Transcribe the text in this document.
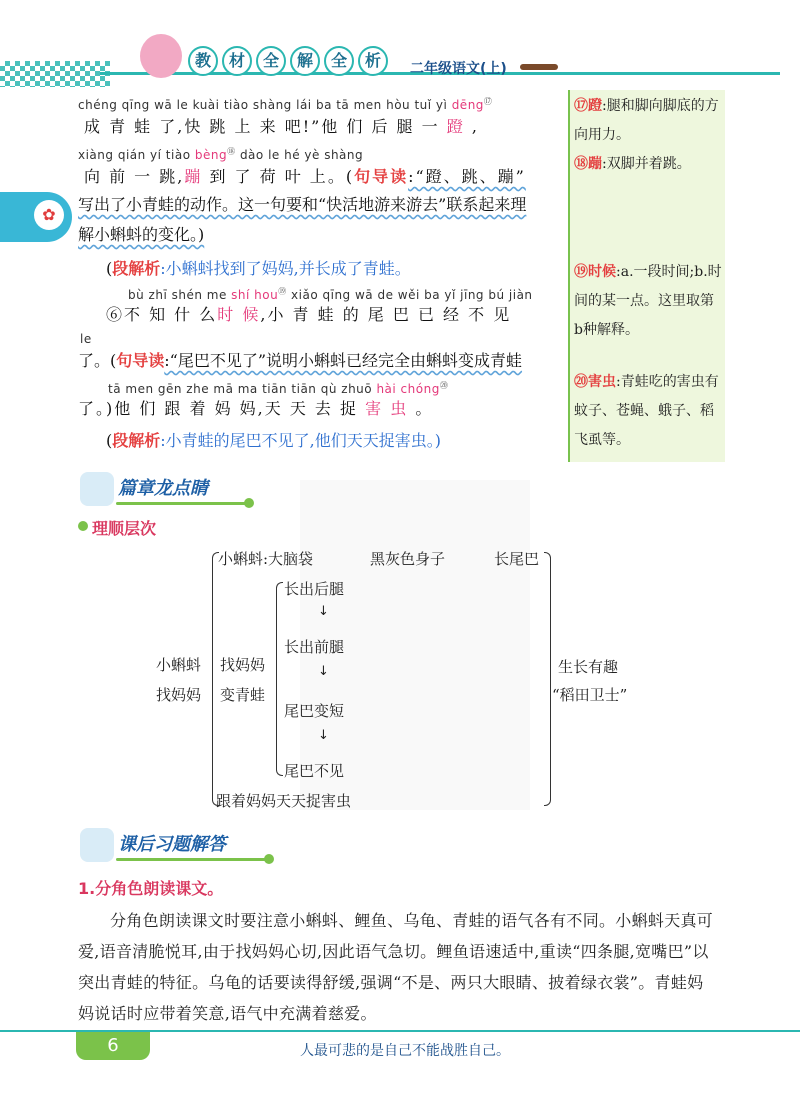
教	材	全	解	全	析	二年级语文(上)
✿
⑰蹬:腿和脚向脚底的方向用力。
⑱蹦:双脚并着跳。
⑲时候:a.一段时间;b.时间的某一点。这里取第b种解释。
⑳害虫:青蛙吃的害虫有蚊子、苍蝇、蛾子、稻飞虱等。
chéng qīng wā le kuài tiào shàng lái ba tā men hòu tuǐ yì dēng⑰
成 青 蛙 了,快 跳 上 来 吧!”他 们 后 腿 一 蹬 ,
xiàng qián yí tiào bèng⑱ dào le hé yè shàng
向 前 一 跳,蹦 到 了 荷 叶 上。(句导读:“蹬、跳、蹦”
写出了小青蛙的动作。这一句要和“快活地游来游去”联系起来理
解小蝌蚪的变化。)
(段解析:小蝌蚪找到了妈妈,并长成了青蛙。
bù zhī shén me shí hou⑲ xiǎo qīng wā de wěi ba yǐ jīng bú jiàn
⑥不 知 什 么时 候,小 青 蛙 的 尾 巴 已 经 不 见
le
了。(句导读:“尾巴不见了”说明小蝌蚪已经完全由蝌蚪变成青蛙
tā men gēn zhe mā ma tiān tiān qù zhuō hài chóng⑳
了。)他 们 跟 着 妈 妈,天 天 去 捉 害 虫 。
(段解析:小青蛙的尾巴不见了,他们天天捉害虫。)
篇章龙点睛
理顺层次
小蝌蚪:大脑袋	黑灰色身子	长尾巴
长出后腿
↓
长出前腿
↓
尾巴变短
↓
尾巴不见
小蝌蚪
找妈妈
找妈妈
变青蛙
跟着妈妈天天捉害虫
生长有趣
“稻田卫士”
课后习题解答
1.分角色朗读课文。
分角色朗读课文时要注意小蝌蚪、鲤鱼、乌龟、青蛙的语气各有不同。小蝌蚪天真可爱,语音清脆悦耳,由于找妈妈心切,因此语气急切。鲤鱼语速适中,重读“四条腿,宽嘴巴”以突出青蛙的特征。乌龟的话要读得舒缓,强调“不是、两只大眼睛、披着绿衣裳”。青蛙妈妈说话时应带着笑意,语气中充满着慈爱。
6	人最可悲的是自己不能战胜自己。
